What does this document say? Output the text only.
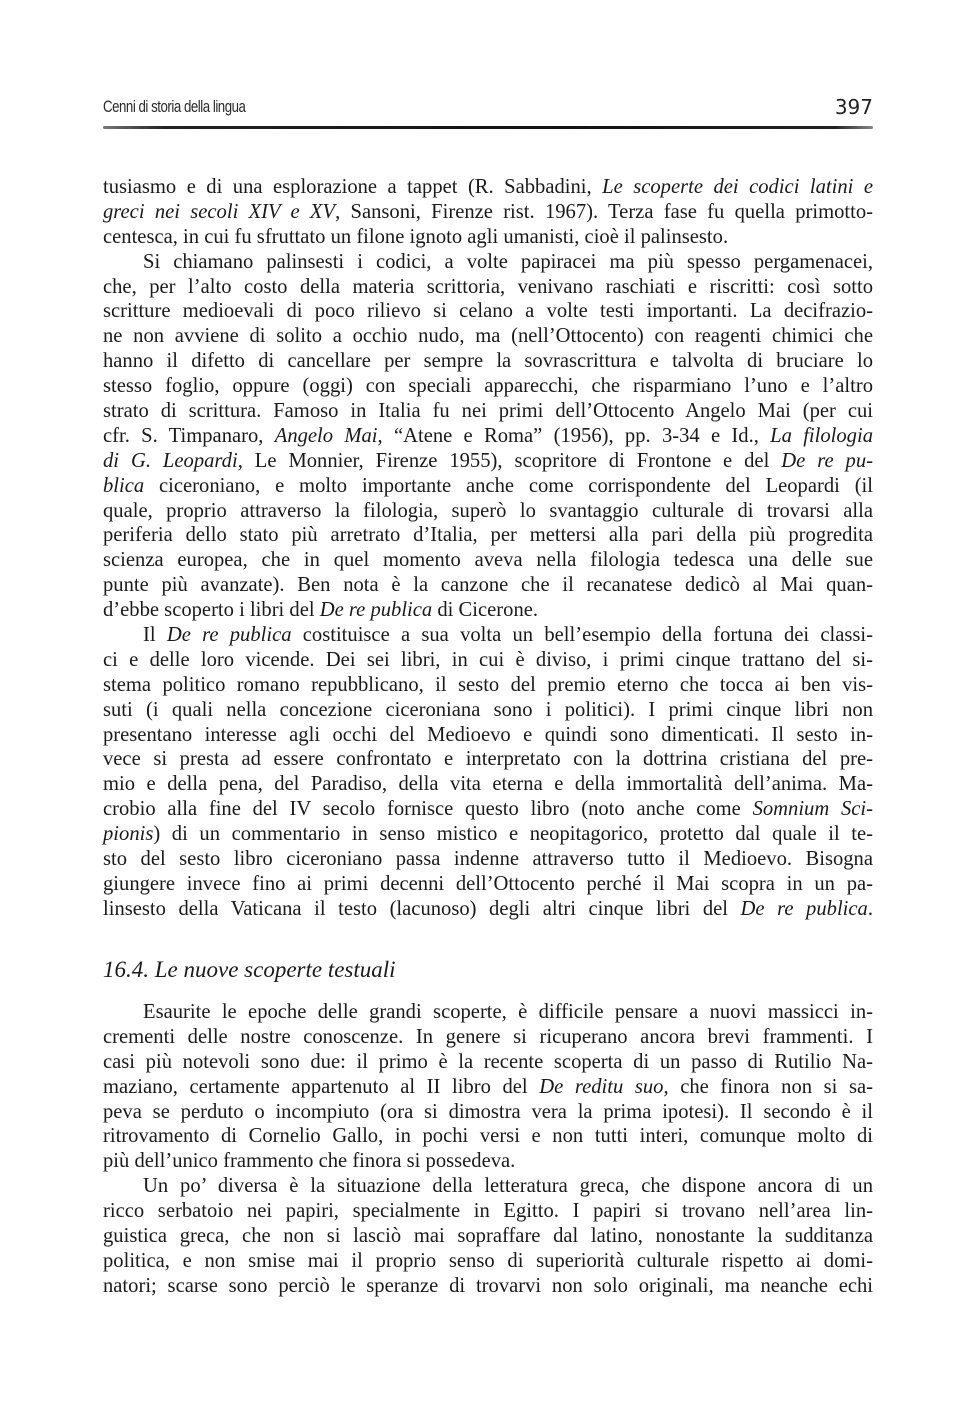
Cenni di storia della lingua	397
tusiasmo e di una esplorazione a tappet (R. Sabbadini, Le scoperte dei codici latini e
greci nei secoli XIV e XV, Sansoni, Firenze rist. 1967). Terza fase fu quella primotto-
centesca, in cui fu sfruttato un filone ignoto agli umanisti, cioè il palinsesto.
Si chiamano palinsesti i codici, a volte papiracei ma più spesso pergamenacei,
che, per l’alto costo della materia scrittoria, venivano raschiati e riscritti: così sotto
scritture medioevali di poco rilievo si celano a volte testi importanti. La decifrazio-
ne non avviene di solito a occhio nudo, ma (nell’Ottocento) con reagenti chimici che
hanno il difetto di cancellare per sempre la sovrascrittura e talvolta di bruciare lo
stesso foglio, oppure (oggi) con speciali apparecchi, che risparmiano l’uno e l’altro
strato di scrittura. Famoso in Italia fu nei primi dell’Ottocento Angelo Mai (per cui
cfr. S. Timpanaro, Angelo Mai, “Atene e Roma” (1956), pp. 3-34 e Id., La filologia
di G. Leopardi, Le Monnier, Firenze 1955), scopritore di Frontone e del De re pu-
blica ciceroniano, e molto importante anche come corrispondente del Leopardi (il
quale, proprio attraverso la filologia, superò lo svantaggio culturale di trovarsi alla
periferia dello stato più arretrato d’Italia, per mettersi alla pari della più progredita
scienza europea, che in quel momento aveva nella filologia tedesca una delle sue
punte più avanzate). Ben nota è la canzone che il recanatese dedicò al Mai quan-
d’ebbe scoperto i libri del De re publica di Cicerone.
Il De re publica costituisce a sua volta un bell’esempio della fortuna dei classi-
ci e delle loro vicende. Dei sei libri, in cui è diviso, i primi cinque trattano del si-
stema politico romano repubblicano, il sesto del premio eterno che tocca ai ben vis-
suti (i quali nella concezione ciceroniana sono i politici). I primi cinque libri non
presentano interesse agli occhi del Medioevo e quindi sono dimenticati. Il sesto in-
vece si presta ad essere confrontato e interpretato con la dottrina cristiana del pre-
mio e della pena, del Paradiso, della vita eterna e della immortalità dell’anima. Ma-
crobio alla fine del IV secolo fornisce questo libro (noto anche come Somnium Sci-
pionis) di un commentario in senso mistico e neopitagorico, protetto dal quale il te-
sto del sesto libro ciceroniano passa indenne attraverso tutto il Medioevo. Bisogna
giungere invece fino ai primi decenni dell’Ottocento perché il Mai scopra in un pa-
linsesto della Vaticana il testo (lacunoso) degli altri cinque libri del De re publica.
16.4. Le nuove scoperte testuali
Esaurite le epoche delle grandi scoperte, è difficile pensare a nuovi massicci in-
crementi delle nostre conoscenze. In genere si ricuperano ancora brevi frammenti. I
casi più notevoli sono due: il primo è la recente scoperta di un passo di Rutilio Na-
maziano, certamente appartenuto al II libro del De reditu suo, che finora non si sa-
peva se perduto o incompiuto (ora si dimostra vera la prima ipotesi). Il secondo è il
ritrovamento di Cornelio Gallo, in pochi versi e non tutti interi, comunque molto di
più dell’unico frammento che finora si possedeva.
Un po’ diversa è la situazione della letteratura greca, che dispone ancora di un
ricco serbatoio nei papiri, specialmente in Egitto. I papiri si trovano nell’area lin-
guistica greca, che non si lasciò mai sopraffare dal latino, nonostante la sudditanza
politica, e non smise mai il proprio senso di superiorità culturale rispetto ai domi-
natori; scarse sono perciò le speranze di trovarvi non solo originali, ma neanche echi
